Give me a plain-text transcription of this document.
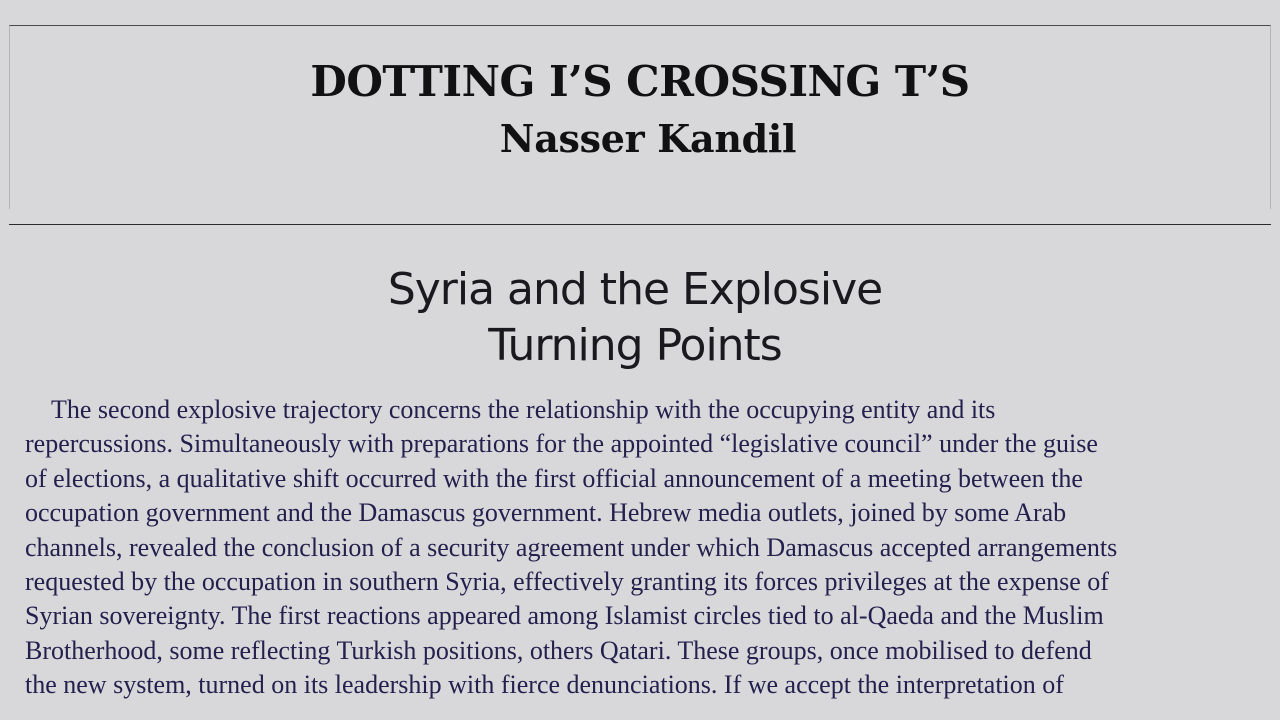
DOTTING I’S CROSSING T’S
Nasser Kandil
Syria and the Explosive
Turning Points
The second explosive trajectory concerns the relationship with the occupying entity and its
repercussions. Simultaneously with preparations for the appointed “legislative council” under the guise
of elections, a qualitative shift occurred with the first official announcement of a meeting between the
occupation government and the Damascus government. Hebrew media outlets, joined by some Arab
channels, revealed the conclusion of a security agreement under which Damascus accepted arrangements
requested by the occupation in southern Syria, effectively granting its forces privileges at the expense of
Syrian sovereignty. The first reactions appeared among Islamist circles tied to al-Qaeda and the Muslim
Brotherhood, some reflecting Turkish positions, others Qatari. These groups, once mobilised to defend
the new system, turned on its leadership with fierce denunciations. If we accept the interpretation of
